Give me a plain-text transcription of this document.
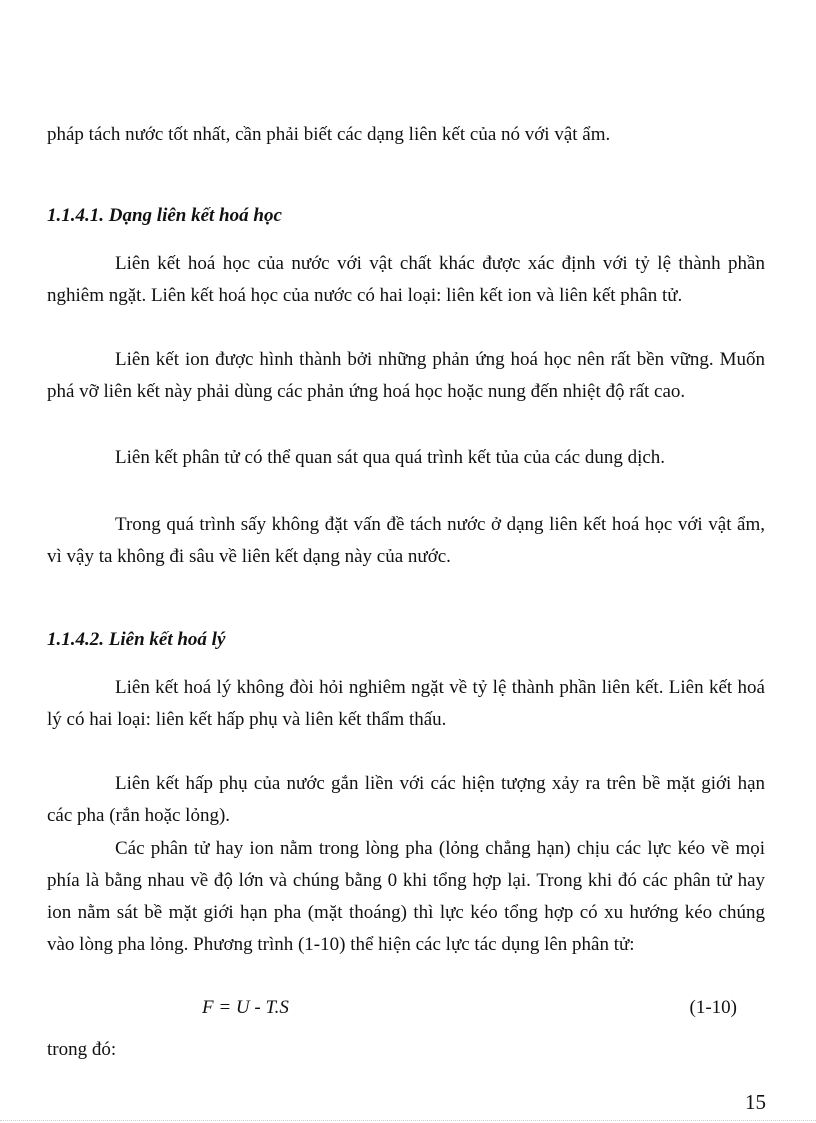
pháp tách nước tốt nhất, cần phải biết các dạng liên kết của nó với vật ẩm.

1.1.4.1. Dạng liên kết hoá học

Liên kết hoá học của nước với vật chất khác được xác định với tỷ lệ thành phần nghiêm ngặt. Liên kết hoá học của nước có hai loại: liên kết ion và liên kết phân tử.

Liên kết ion được hình thành bởi những phản ứng hoá học nên rất bền vững. Muốn phá vỡ liên kết này phải dùng các phản ứng hoá học hoặc nung đến nhiệt độ rất cao.

Liên kết phân tử có thể quan sát qua quá trình kết tủa của các dung dịch.

Trong quá trình sấy không đặt vấn đề tách nước ở dạng liên kết hoá học với vật ẩm, vì vậy ta không đi sâu về liên kết dạng này của nước.

1.1.4.2. Liên kết hoá lý

Liên kết hoá lý không đòi hỏi nghiêm ngặt về tỷ lệ thành phần liên kết. Liên kết hoá lý có hai loại: liên kết hấp phụ và liên kết thẩm thấu.

Liên kết hấp phụ của nước gắn liền với các hiện tượng xảy ra trên bề mặt giới hạn các pha (rắn hoặc lỏng).

Các phân tử hay ion nằm trong lòng pha (lỏng chẳng hạn) chịu các lực kéo về mọi phía là bằng nhau về độ lớn và chúng bằng 0 khi tổng hợp lại. Trong khi đó các phân tử hay ion nằm sát bề mặt giới hạn pha (mặt thoáng) thì lực kéo tổng hợp có xu hướng kéo chúng vào lòng pha lỏng. Phương trình (1-10) thể hiện các lực tác dụng lên phân tử:

F = U - T.S	(1-10)

trong đó:

15
